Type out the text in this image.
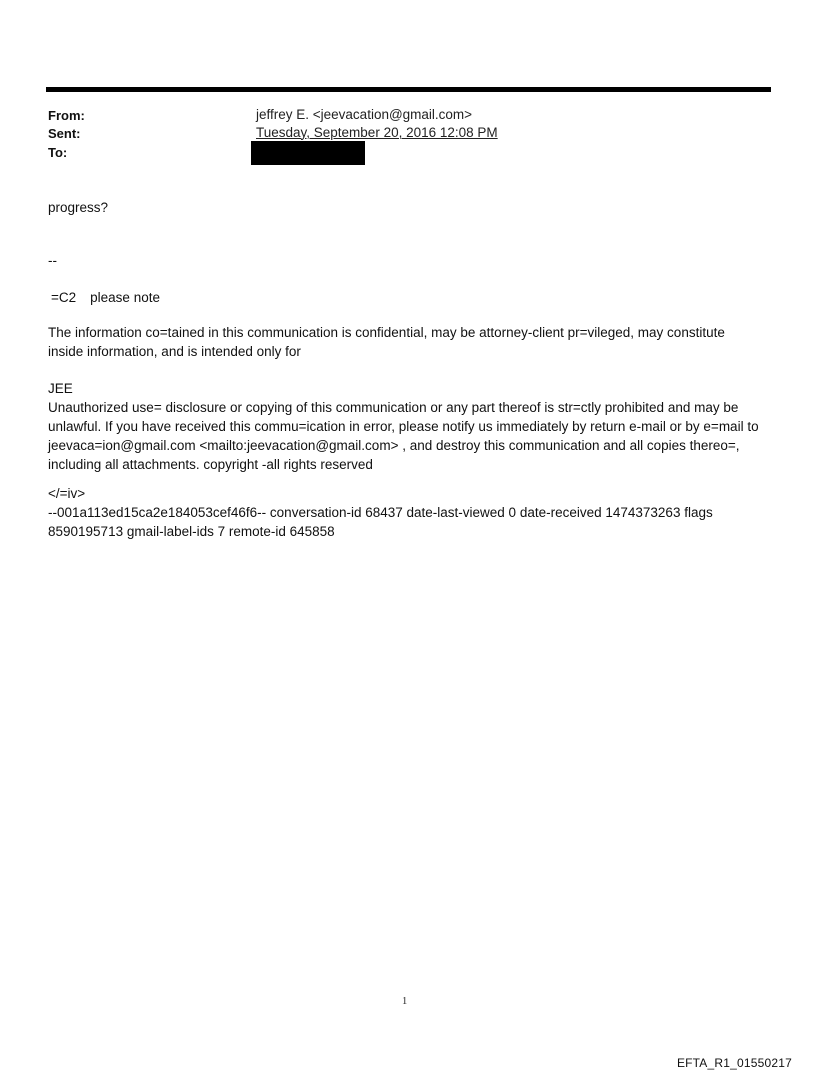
From:	jeffrey E. <jeevacation@gmail.com>
Sent:	Tuesday, September 20, 2016 12:08 PM
To:
progress?
--
=C2 please note
The information co=tained in this communication is confidential, may be attorney-client pr=vileged, may constitute
inside information, and is intended only for
JEE
Unauthorized use= disclosure or copying of this communication or any part thereof is str=ctly prohibited and may be
unlawful. If you have received this commu=ication in error, please notify us immediately by return e-mail or by e=mail to
jeevaca=ion@gmail.com <mailto:jeevacation@gmail.com> , and destroy this communication and all copies thereo=,
including all attachments. copyright -all rights reserved
</=iv>
--001a113ed15ca2e184053cef46f6-- conversation-id 68437 date-last-viewed 0 date-received 1474373263 flags
8590195713 gmail-label-ids 7 remote-id 645858
1
EFTA_R1_01550217
